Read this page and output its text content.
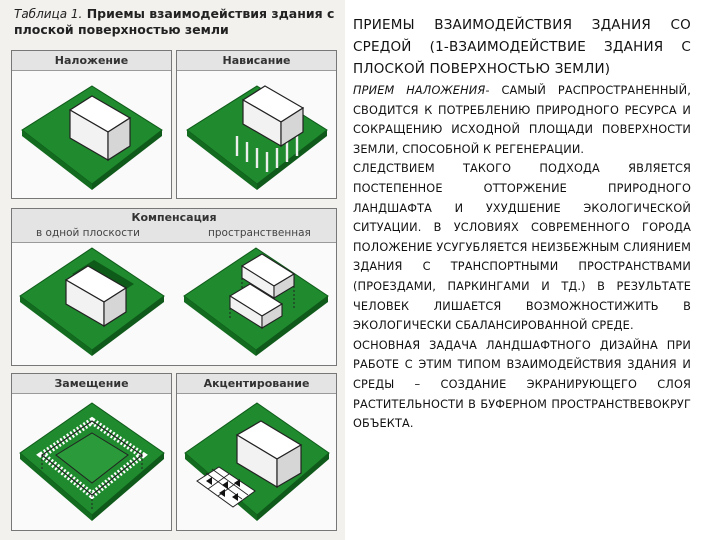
Таблица 1. Приемы взаимодействия здания с плоской поверхностью земли
Наложение	Нависание
Компенсация
в одной плоскости	пространственная
Замещение	Акцентирование
ПРИЕМЫ ВЗАИМОДЕЙСТВИЯ ЗДАНИЯ СО
СРЕДОЙ (1-ВЗАИМОДЕЙСТВИЕ ЗДАНИЯ С
ПЛОСКОЙ ПОВЕРХНОСТЬЮ ЗЕМЛИ)

ПРИЕМ НАЛОЖЕНИЯ- САМЫЙ РАСПРОСТРАНЕННЫЙ, СВОДИТСЯ К ПОТРЕБЛЕНИЮ ПРИРОДНОГО РЕСУРСА И СОКРАЩЕНИЮ ИСХОДНОЙ ПЛОЩАДИ ПОВЕРХНОСТИ ЗЕМЛИ, СПОСОБНОЙ К РЕГЕНЕРАЦИИ.

СЛЕДСТВИЕМ ТАКОГО ПОДХОДА ЯВЛЯЕТСЯ ПОСТЕПЕННОЕ ОТТОРЖЕНИЕ ПРИРОДНОГО ЛАНДШАФТА И УХУДШЕНИЕ ЭКОЛОГИЧЕСКОЙ СИТУАЦИИ. В УСЛОВИЯХ СОВРЕМЕННОГО ГОРОДА ПОЛОЖЕНИЕ УСУГУБЛЯЕТСЯ НЕИЗБЕЖНЫМ СЛИЯНИЕМ ЗДАНИЯ С ТРАНСПОРТНЫМИ ПРОСТРАНСТВАМИ (ПРОЕЗДАМИ, ПАРКИНГАМИ И ТД.) В РЕЗУЛЬТАТЕ ЧЕЛОВЕК ЛИШАЕТСЯ ВОЗМОЖНОСТИЖИТЬ В ЭКОЛОГИЧЕСКИ СБАЛАНСИРОВАННОЙ СРЕДЕ.

ОСНОВНАЯ ЗАДАЧА ЛАНДШАФТНОГО ДИЗАЙНА ПРИ РАБОТЕ С ЭТИМ ТИПОМ ВЗАИМОДЕЙСТВИЯ ЗДАНИЯ И СРЕДЫ – СОЗДАНИЕ ЭКРАНИРУЮЩЕГО СЛОЯ РАСТИТЕЛЬНОСТИ В БУФЕРНОМ ПРОСТРАНСТВЕВОКРУГ ОБЪЕКТА.
